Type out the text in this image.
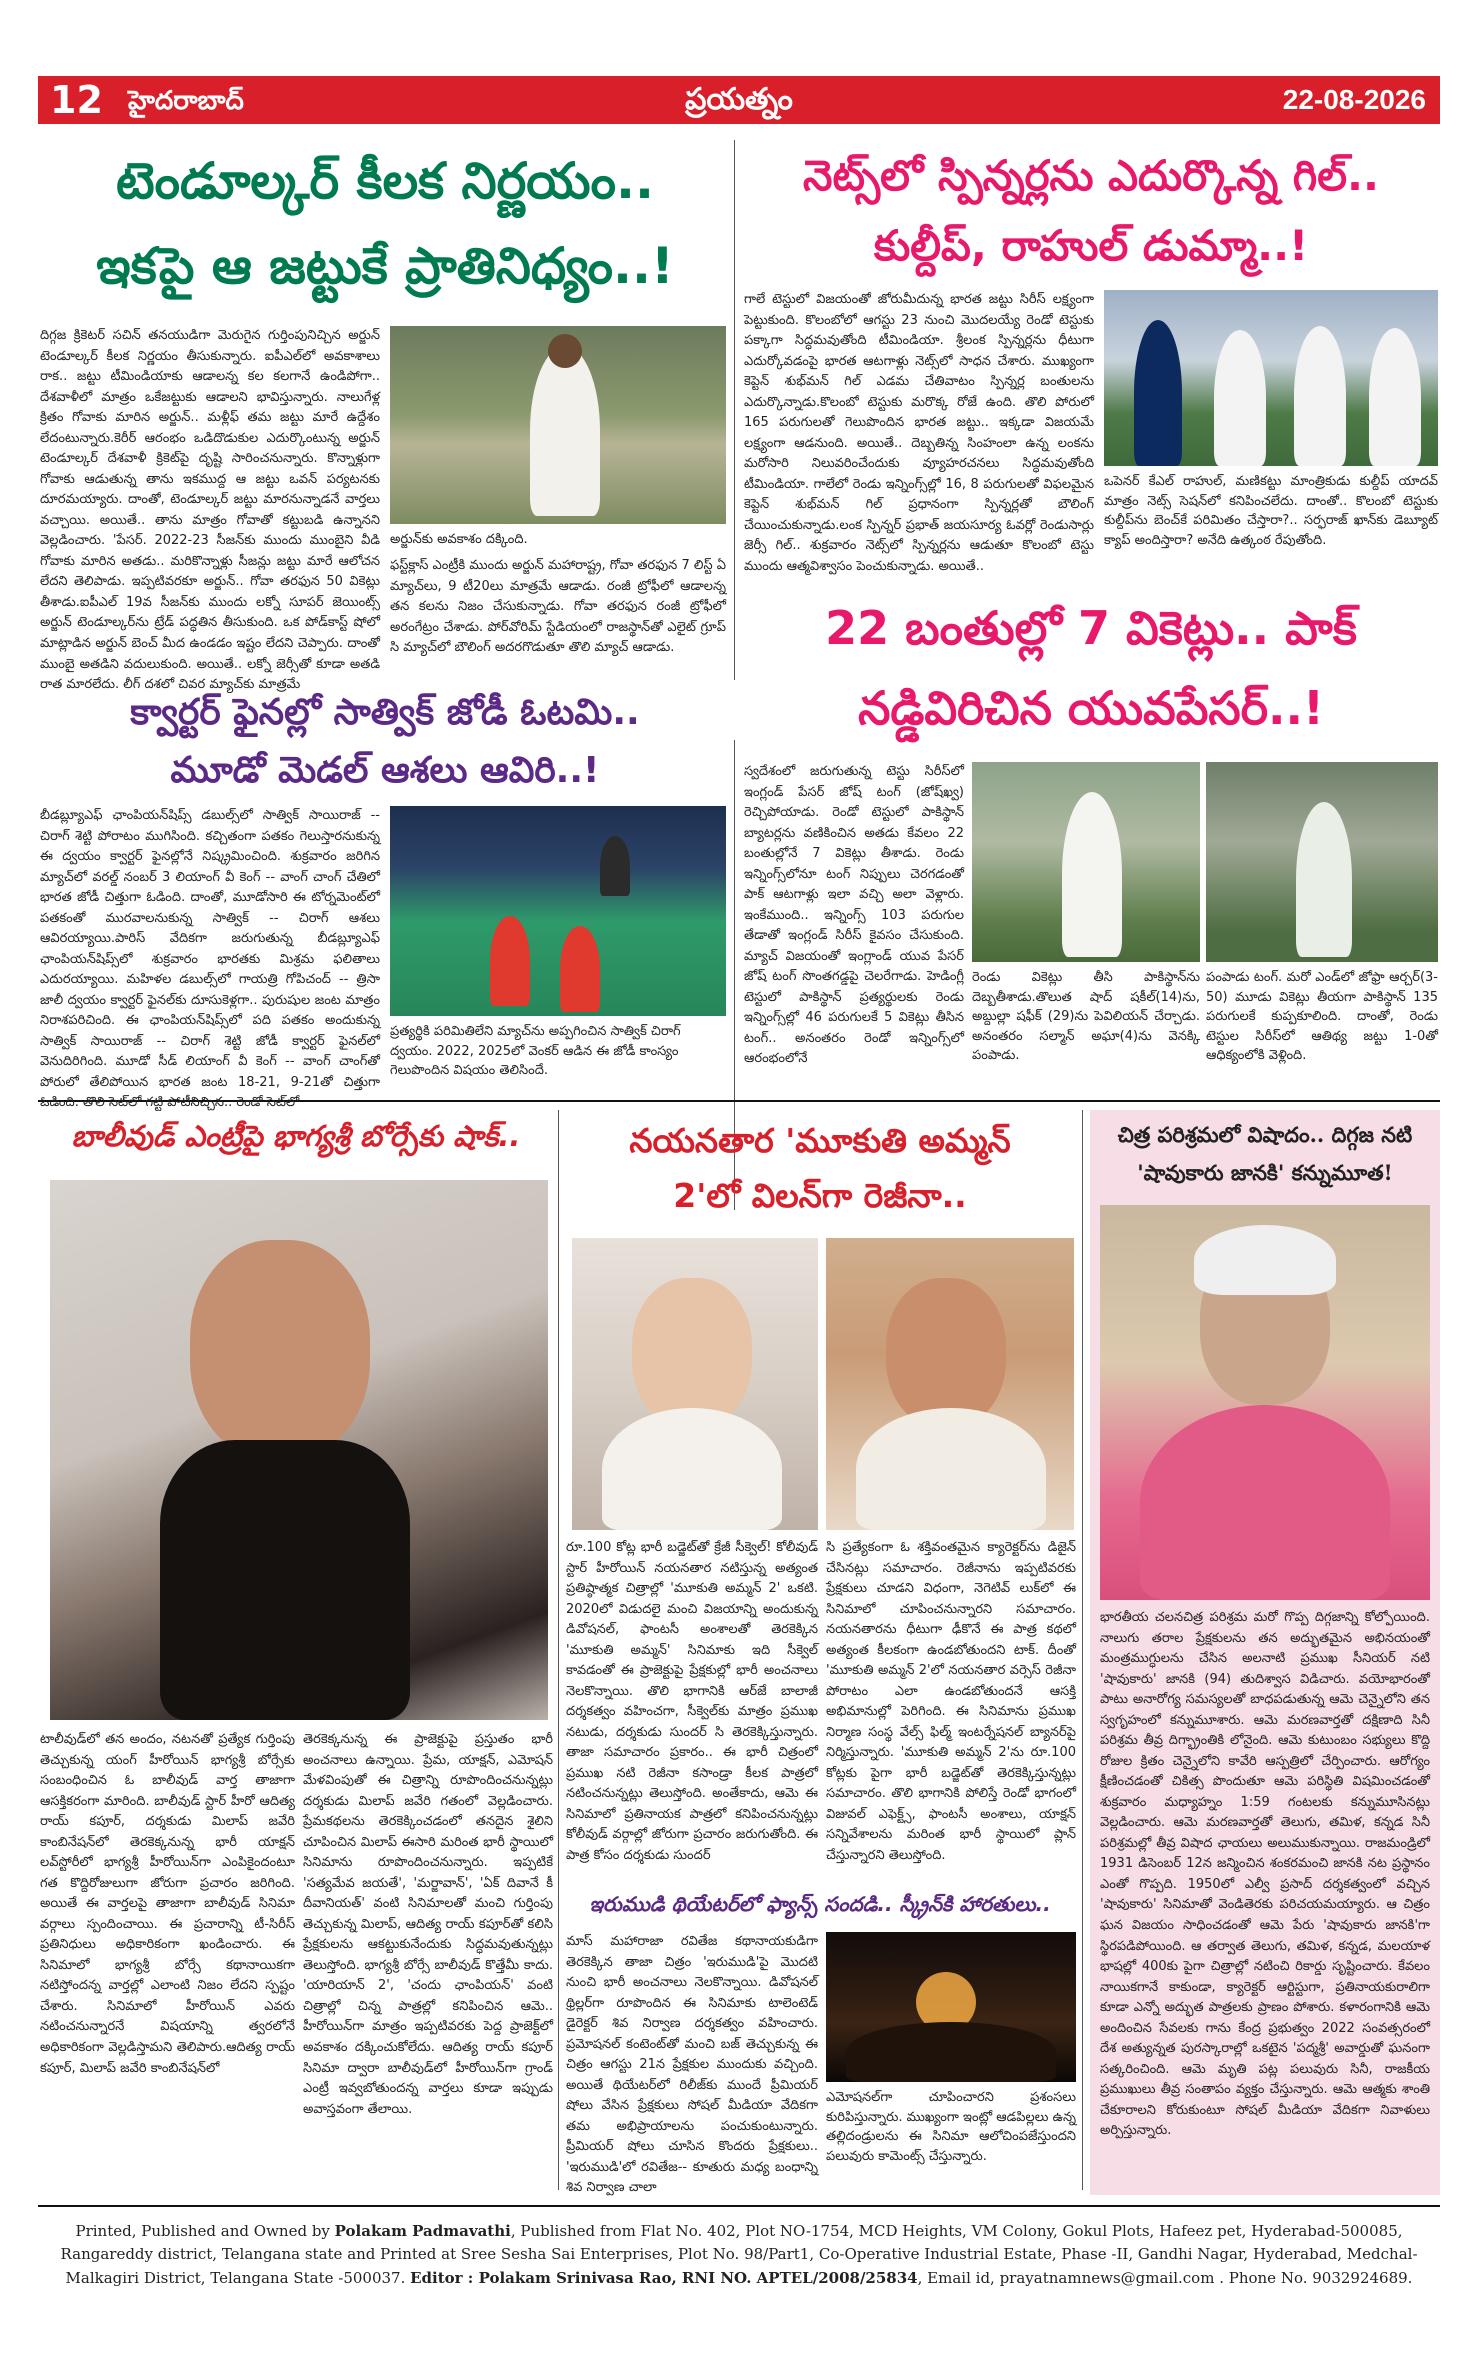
12 హైదరాబాద్	ప్రయత్నం	22-08-2026
టెండూల్కర్ కీలక నిర్ణయం..
ఇకపై ఆ జట్టుకే ప్రాతినిధ్యం..!
దిగ్గజ క్రికెటర్ సచిన్ తనయుడిగా మెరుగైన గుర్తింపునిచ్చిన అర్జున్ టెండూల్కర్ కీలక నిర్ణయం తీసుకున్నారు. ఐపీఎల్‌లో అవకాశాలు రాక.. జట్టు టీమిండియాకు ఆడాలన్న కల కలగానే ఉండిపోగా.. దేశవాళీలో మాత్రం ఒకేజట్టుకు ఆడాలని భావిస్తున్నారు. నాలుగేళ్ల క్రితం గోవాకు మారిన అర్జున్.. మళ్లీఫ్ తమ జట్టు మారే ఉద్దేశం లేదంటున్నారు.కెరీర్ ఆరంభం ఒడిదొడుకుల ఎదుర్కొంటున్న అర్జున్ టెండూల్కర్ దేశవాళీ క్రికెట్‌పై దృష్టి సారించనున్నారు. కొన్నాళ్లుగా గోవాకు ఆడుతున్న తాను ఇకముద్ద ఆ జట్టు ఒవన్ పర్యటనకు దూరమయ్యారు. దాంతో, టెండూల్కర్ జట్టు మారనున్నాడనే వార్తలు వచ్చాయి. అయితే.. తాను మాత్రం గోవాతో కట్టుబడి ఉన్నానని వెల్లడించారు. 'పేసర్. 2022-23 సీజన్‌కు ముందు ముంబైని వీడి గోవాకు మారిన అతడు.. మరికొన్నాళ్లు సీజన్లు జట్టు మారే ఆలోచన లేదని తెలిపాడు. ఇప్పటివరకూ అర్జున్.. గోవా తరఫున 50 వికెట్లు తీశాడు.ఐపీఎల్ 19వ సీజన్‌కు ముందు లక్నో సూపర్ జెయింట్స్ అర్జున్ టెండూల్కర్‌ను ట్రేడ్ పద్ధతిన తీసుకుంది. ఒక పోడ్‌కాస్ట్ షోలో మాట్లాడిన అర్జున్ బెంచ్ మీద ఉండడం ఇష్టం లేదని చెప్పారు. దాంతో ముంబై అతడిని వదులుకుంది. అయితే.. లక్నో జెర్సీతో కూడా అతడి రాత మారలేదు. లీగ్ దశలో చివర మ్యాచ్‌కు మాత్రమే
అర్జున్‌కు అవకాశం దక్కింది.
ఫస్ట్‌క్లాస్ ఎంట్రీకి ముందు అర్జున్ మహారాష్ట్ర, గోవా తరఫున 7 లిస్ట్ ఏ మ్యాచ్‌లు, 9 టీ20లు మాత్రమే ఆడాడు. రంజీ ట్రోఫీలో ఆడాలన్న తన కలను నిజం చేసుకున్నాడు. గోవా తరఫున రంజీ ట్రోఫీలో అరంగేట్రం చేశాడు. పోర్‌వోరిమ్ స్టేడియంలో రాజస్థాన్‌తో ఎలైట్ గ్రూప్ సి మ్యాచ్‌లో బౌలింగ్ అదరగొడుతూ తొలి మ్యాచ్ ఆడాడు.
నెట్స్‌లో స్పిన్నర్లను ఎదుర్కొన్న గిల్..
కుల్దీప్, రాహుల్ డుమ్మా..!
గాలే టెస్టులో విజయంతో జోరుమీదున్న భారత జట్టు సిరీస్ లక్ష్యంగా పెట్టుకుంది. కొలంబోలో ఆగస్టు 23 నుంచి మొదలయ్యే రెండో టెస్టుకు పక్కాగా సిద్ధమవుతోంది టీమిండియా. శ్రీలంక స్పిన్నర్లను ధీటుగా ఎదుర్కోవడంపై భారత ఆటగాళ్లు నెట్స్‌లో సాధన చేశారు. ముఖ్యంగా కెప్టెన్ శుభ్‌మన్ గిల్ ఎడమ చేతివాటం స్పిన్నర్ల బంతులను ఎదుర్కొన్నాడు.కొలంబో టెస్టుకు మరొక్క రోజే ఉంది. తొలి పోరులో 165 పరుగులతో గెలుపొందిన భారత జట్టు.. ఇక్కడా విజయమే లక్ష్యంగా ఆడనుంది. అయితే.. దెబ్బతిన్న సింహంలా ఉన్న లంకను మరోసారి నిలువరించేందుకు వ్యూహరచనలు సిద్ధమవుతోంది టీమిండియా. గాలేలో రెండు ఇన్నింగ్స్‌ల్లో 16, 8 పరుగులతో విఫలమైన కెప్టెన్ శుభ్‌మన్ గిల్ ప్రధానంగా స్పిన్నర్లతో బౌలింగ్ చేయించుకున్నాడు.లంక స్పిన్నర్ ప్రభాత్ జయసూర్య ఓవర్లో రెండుసార్లు జెర్సీ గిల్.. శుక్రవారం నెట్స్‌లో స్పిన్నర్లను ఆడుతూ కొలంబో టెస్టు ముందు ఆత్మవిశ్వాసం పెంచుకున్నాడు. అయితే..
ఒపెనర్ కేఎల్ రాహుల్, మణికట్టు మాంత్రికుడు కుల్దీప్ యాదవ్ మాత్రం నెట్స్ సెషన్‌లో కనిపించలేదు. దాంతో.. కొలంబో టెస్టుకు కుల్దీప్‌ను బెంచ్‌కే పరిమితం చేస్తారా?.. సర్ఫరాజ్ ఖాన్‌కు డెబ్యూట్ క్యాప్ అందిస్తారా? అనేది ఉత్కంఠ రేపుతోంది.
22 బంతుల్లో 7 వికెట్లు.. పాక్
నడ్డివిరిచిన యువపేసర్..!
స్వదేశంలో జరుగుతున్న టెస్టు సిరీస్‌లో ఇంగ్లండ్ పేసర్ జోష్ టంగ్ (జోష్‌ఖ్వ) రెచ్చిపోయాడు. రెండో టెస్టులో పాకిస్థాన్ బ్యాటర్లను వణికించిన అతడు కేవలం 22 బంతుల్లోనే 7 వికెట్లు తీశాడు. రెండు ఇన్నింగ్స్‌లోనూ టంగ్ నిప్పులు చెరగడంతో పాక్ ఆటగాళ్లు ఇలా వచ్చి అలా వెళ్లారు. ఇంకేముంది.. ఇన్నింగ్స్ 103 పరుగుల తేడాతో ఇంగ్లండ్ సిరీస్ కైవసం చేసుకుంది. మ్యాచ్ విజయంతో ఇంగ్లాండ్ యువ పేసర్ జోష్ టంగ్ సొంతగడ్డపై చెలరేగాడు. హెడింగ్లీ టెస్టులో పాకిస్థాన్ ప్రత్యర్థులకు రెండు ఇన్నింగ్స్‌ల్లో 46 పరుగులకే 5 వికెట్లు తీసిన టంగ్.. అనంతరం రెండో ఇన్నింగ్స్‌లో ఆరంభంలోనే
రెండు వికెట్లు తీసి పాకిస్థాన్‌ను దెబ్బతీశాడు.తొలుత షాద్ షకీల్(14)ను, అబ్దుల్లా షఫీక్ (29)ను పెవిలియన్ చేర్చాడు. అనంతరం సల్మాన్ అఘా(4)ను వెనక్కి పంపాడు.
పంపాడు టంగ్. మరో ఎండ్‌లో జోఫ్రా ఆర్చర్(3-50) మూడు వికెట్లు తీయగా పాకిస్థాన్ 135 పరుగులకే కుప్పకూలింది. దాంతో, రెండు టెస్టుల సిరీస్‌లో ఆతిథ్య జట్టు 1-0తో ఆధిక్యంలోకి వెళ్లింది.
క్వార్టర్ ఫైనల్లో సాత్విక్ జోడీ ఓటమి..
మూడో మెడల్ ఆశలు ఆవిరి..!
బీడబ్ల్యూఎఫ్ ఛాంపియన్‌షిప్స్ డబుల్స్‌లో సాత్విక్ సాయిరాజ్ -- చిరాగ్ శెట్టి పోరాటం ముగిసింది. కచ్చితంగా పతకం గెలుస్తారనుకున్న ఈ ద్వయం క్వార్టర్ ఫైనల్లోనే నిష్క్రమించింది. శుక్రవారం జరిగిన మ్యాచ్‌లో వరల్డ్ నంబర్ 3 లియాంగ్ వీ కెంగ్ -- వాంగ్ చాంగ్ చేతిలో భారత జోడీ చిత్తుగా ఓడింది. దాంతో, మూడోసారి ఈ టోర్నమెంట్‌లో పతకంతో మురవాలనుకున్న సాత్విక్ -- చిరాగ్ ఆశలు ఆవిరయ్యాయి.పారిస్ వేదికగా జరుగుతున్న బీడబ్ల్యూఎఫ్ ఛాంపియన్‌షిప్స్‌లో శుక్రవారం భారతకు మిశ్రమ ఫలితాలు ఎదురయ్యాయి. మహిళల డబుల్స్‌లో గాయత్రి గోపిచంద్ -- త్రిసా జాలీ ద్వయం క్వార్టర్ ఫైనల్‌కు దూసుకెళ్లగా.. పురుషుల జంట మాత్రం నిరాశపరిచింది. ఈ ఛాంపియన్‌షిప్స్‌లో పది పతకం అందుకున్న సాత్విక్ సాయిరాజ్ -- చిరాగ్ శెట్టి జోడీ క్వార్టర్ ఫైనల్‌లో వెనుదిరిగింది. మూడో సీడ్ లియాంగ్ వీ కెంగ్ -- వాంగ్ చాంగ్‌తో పోరులో తేలిపోయిన భారత జంట 18-21, 9-21తో చిత్తుగా ఓడింది. తొలి సెట్‌లో గట్టి పోటీనిచ్చిన.. రెండో సెట్‌లో
ప్రత్యర్థికి పరిమితిలేని మ్యాచ్‌ను అప్పగించిన సాత్విక్ చిరాగ్ ద్వయం. 2022, 2025లో వెంకర్ ఆడిన ఈ జోడీ కాంస్యం గెలుపొందిన విషయం తెలిసిందే.
బాలీవుడ్ ఎంట్రీపై భాగ్యశ్రీ బోర్సేకు షాక్..
టాలీవుడ్‌లో తన అందం, నటనతో ప్రత్యేక గుర్తింపు తెచ్చుకున్న యంగ్ హీరోయిన్ భాగ్యశ్రీ బోర్సేకు సంబంధించిన ఓ బాలీవుడ్ వార్త తాజాగా ఆసక్తికరంగా మారింది. బాలీవుడ్ స్టార్ హీరో ఆదిత్య రాయ్ కపూర్, దర్శకుడు మిలాప్ జవేరి కాంబినేషన్‌లో తెరకెక్కనున్న భారీ యాక్షన్ లవ్‌స్టోరీలో భాగ్యశ్రీ హీరోయిన్‌గా ఎంపికైందంటూ గత కొద్దిరోజులుగా జోరుగా ప్రచారం జరిగింది. అయితే ఈ వార్తలపై తాజాగా బాలీవుడ్ సినిమా వర్గాలు స్పందించాయి. ఈ ప్రచారాన్ని టీ-సిరీస్ ప్రతినిధులు అధికారికంగా ఖండించారు. ఈ సినిమాలో భాగ్యశ్రీ బోర్సే కథానాయికగా నటిస్తోందన్న వార్తల్లో ఎలాంటి నిజం లేదని స్పష్టం చేశారు. సినిమాలో హీరోయిన్ ఎవరు నటించనున్నారనే విషయాన్ని త్వరలోనే అధికారికంగా వెల్లడిస్తామని తెలిపారు.ఆదిత్య రాయ్ కపూర్, మిలాప్ జవేరి కాంబినేషన్‌లో
తెరకెక్కనున్న ఈ ప్రాజెక్టుపై ప్రస్తుతం భారీ అంచనాలు ఉన్నాయి. ప్రేమ, యాక్షన్, ఎమోషన్ మేళవింపుతో ఈ చిత్రాన్ని రూపొందించనున్నట్లు దర్శకుడు మిలాప్ జవేరి గతంలో వెల్లడించారు. ప్రేమకథలను తెరకెక్కించడంలో తనదైన శైలిని చూపించిన మిలాప్ ఈసారి మరింత భారీ స్థాయిలో సినిమాను రూపొందించనున్నారు. ఇప్పటికే 'సత్యమేవ జయతే', 'మర్జావాన్', 'ఏక్ దివానే కీ దీవానియత్' వంటి సినిమాలతో మంచి గుర్తింపు తెచ్చుకున్న మిలాప్, ఆదిత్య రాయ్ కపూర్‌తో కలిసి ప్రేక్షకులను ఆకట్టుకునేందుకు సిద్ధమవుతున్నట్లు తెలుస్తోంది. భాగ్యశ్రీ బోర్సే బాలీవుడ్ కొత్తేమీ కాదు. 'యారియాన్ 2', 'చందు ఛాంపియన్' వంటి చిత్రాల్లో చిన్న పాత్రల్లో కనిపించిన ఆమె.. హీరోయిన్‌గా మాత్రం ఇప్పటివరకు పెద్ద ప్రాజెక్ట్‌లో అవకాశం దక్కించుకోలేదు. ఆదిత్య రాయ్ కపూర్ సినిమా ద్వారా బాలీవుడ్‌లో హీరోయిన్‌గా గ్రాండ్ ఎంట్రీ ఇవ్వబోతుందన్న వార్తలు కూడా ఇప్పుడు అవాస్తవంగా తేలాయి.
నయనతార 'మూకుతి అమ్మన్
2'లో విలన్‌గా రెజీనా..
రూ.100 కోట్ల భారీ బడ్జెట్‌తో క్రేజీ సీక్వెల్! కోలీవుడ్ స్టార్ హీరోయిన్ నయనతార నటిస్తున్న అత్యంత ప్రతిష్ఠాత్మక చిత్రాల్లో 'మూకుతి అమ్మన్ 2' ఒకటి. 2020లో విడుదలై మంచి విజయాన్ని అందుకున్న డివోషనల్, ఫాంటసీ అంశాలతో తెరకెక్కిన 'మూకుతి అమ్మన్' సినిమాకు ఇది సీక్వెల్ కావడంతో ఈ ప్రాజెక్టుపై ప్రేక్షకుల్లో భారీ అంచనాలు నెలకొన్నాయి. తొలి భాగానికి ఆర్‌జే బాలాజీ దర్శకత్వం వహించగా, సీక్వెల్‌కు మాత్రం ప్రముఖ నటుడు, దర్శకుడు సుందర్ సి తెరకెక్కిస్తున్నారు. తాజా సమాచారం ప్రకారం.. ఈ భారీ చిత్రంలో ప్రముఖ నటి రెజీనా కసాండ్రా కీలక పాత్రలో నటించనున్నట్లు తెలుస్తోంది. అంతేకాదు, ఆమె ఈ సినిమాలో ప్రతినాయక పాత్రలో కనిపించనున్నట్లు కోలీవుడ్ వర్గాల్లో జోరుగా ప్రచారం జరుగుతోంది. ఈ పాత్ర కోసం దర్శకుడు సుందర్
సి ప్రత్యేకంగా ఓ శక్తివంతమైన క్యారెక్టర్‌ను డిజైన్ చేసినట్లు సమాచారం. రెజీనాను ఇప్పటివరకు ప్రేక్షకులు చూడని విధంగా, నెగెటివ్ లుక్‌లో ఈ సినిమాలో చూపించనున్నారని సమాచారం. నయనతారను ధీటుగా ఢీకొనే ఈ పాత్ర కథలో అత్యంత కీలకంగా ఉండబోతుందని టాక్. దీంతో 'మూకుతి అమ్మన్ 2'లో నయనతార వర్సెస్ రెజీనా పోరాటం ఎలా ఉండబోతుందనే ఆసక్తి అభిమానుల్లో పెరిగింది. ఈ సినిమాను ప్రముఖ నిర్మాణ సంస్థ వేల్స్ ఫిల్మ్ ఇంటర్నేషనల్ బ్యానర్‌పై నిర్మిస్తున్నారు. 'మూకుతి అమ్మన్ 2'ను రూ.100 కోట్లకు పైగా భారీ బడ్జెట్‌తో తెరకెక్కిస్తున్నట్లు సమాచారం. తొలి భాగానికి పోలిస్తే రెండో భాగంలో విజువల్ ఎఫెక్ట్స్, ఫాంటసీ అంశాలు, యాక్షన్ సన్నివేశాలను మరింత భారీ స్థాయిలో ప్లాన్ చేస్తున్నారని తెలుస్తోంది.
ఇరుముడి థియేటర్‌లో ఫ్యాన్స్ సందడి.. స్క్రీన్‌కి హారతులు..
మాస్ మహారాజా రవితేజ కథానాయకుడిగా తెరకెక్కిన తాజా చిత్రం 'ఇరుముడి'పై మొదటి నుంచి భారీ అంచనాలు నెలకొన్నాయి. డివోషనల్ థ్రిల్లర్‌గా రూపొందిన ఈ సినిమాకు టాలెంటెడ్ డైరెక్టర్ శివ నిర్వాణ దర్శకత్వం వహించారు. ప్రమోషనల్ కంటెంట్‌తో మంచి బజ్ తెచ్చుకున్న ఈ చిత్రం ఆగస్టు 21న ప్రేక్షకుల ముందుకు వచ్చింది. అయితే థియేటర్‌లో రిలీజ్‌కు ముందే ప్రీమియర్ షోలు వేసిన ప్రేక్షకులు సోషల్ మీడియా వేదికగా తమ అభిప్రాయాలను పంచుకుంటున్నారు. ప్రీమియర్ షోలు చూసిన కొందరు ప్రేక్షకులు.. 'ఇరుముడి'లో రవితేజ-- కూతురు మధ్య బంధాన్ని శివ నిర్వాణ చాలా
ఎమోషనల్‌గా చూపించారని ప్రశంసలు కురిపిస్తున్నారు. ముఖ్యంగా ఇంట్లో ఆడపిల్లలు ఉన్న తల్లిదండ్రులను ఈ సినిమా ఆలోచింపజేస్తుందని పలువురు కామెంట్స్ చేస్తున్నారు.
చిత్ర పరిశ్రమలో విషాదం.. దిగ్గజ నటి
'షావుకారు జానకి' కన్నుమూత!
భారతీయ చలనచిత్ర పరిశ్రమ మరో గొప్ప దిగ్గజాన్ని కోల్పోయింది. నాలుగు తరాల ప్రేక్షకులను తన అద్భుతమైన అభినయంతో మంత్రముగ్ధులను చేసిన అలనాటి ప్రముఖ సీనియర్ నటి 'షావుకారు' జానకి (94) తుదిశ్వాస విడిచారు. వయోభారంతో పాటు అనారోగ్య సమస్యలతో బాధపడుతున్న ఆమె చెన్నైలోని తన స్వగృహంలో కన్నుమూశారు. ఆమె మరణవార్తతో దక్షిణాది సినీ పరిశ్రమ తీవ్ర దిగ్భ్రాంతికి లోనైంది. ఆమె కుటుంబం సభ్యులు కొద్ది రోజుల క్రితం చెన్నైలోని కావేరి ఆస్పత్రిలో చేర్పించారు. ఆరోగ్యం క్షీణించడంతో చికిత్స పొందుతూ ఆమె పరిస్థితి విషమించడంతో శుక్రవారం మధ్యాహ్నం 1:59 గంటలకు కన్నుమూసినట్లు వెల్లడించారు. ఆమె మరణవార్తతో తెలుగు, తమిళ, కన్నడ సినీ పరిశ్రమల్లో తీవ్ర విషాద ఛాయలు అలుముకున్నాయి. రాజమండ్రిలో 1931 డిసెంబర్ 12న జన్మించిన శంకరమంచి జానకి నట ప్రస్థానం ఎంతో గొప్పది. 1950లో ఎల్వీ ప్రసాద్ దర్శకత్వంలో వచ్చిన 'షావుకారు' సినిమాతో వెండితెరకు పరిచయమయ్యారు. ఆ చిత్రం ఘన విజయం సాధించడంతో ఆమె పేరు 'షావుకారు జానకి'గా స్థిరపడిపోయింది. ఆ తర్వాత తెలుగు, తమిళ, కన్నడ, మలయాళ భాషల్లో 400కు పైగా చిత్రాల్లో నటించి రికార్డు సృష్టించారు. కేవలం నాయికగానే కాకుండా, క్యారెక్టర్ ఆర్టిస్టుగా, ప్రతినాయకురాలిగా కూడా ఎన్నో అద్భుత పాత్రలకు ప్రాణం పోశారు. కళారంగానికి ఆమె అందించిన సేవలకు గాను కేంద్ర ప్రభుత్వం 2022 సంవత్సరంలో దేశ అత్యున్నత పురస్కారాల్లో ఒకటైన 'పద్మశ్రీ' అవార్డుతో ఘనంగా సత్కరించింది. ఆమె మృతి పట్ల పలువురు సినీ, రాజకీయ ప్రముఖులు తీవ్ర సంతాపం వ్యక్తం చేస్తున్నారు. ఆమె ఆత్మకు శాంతి చేకూరాలని కోరుకుంటూ సోషల్ మీడియా వేదికగా నివాళులు అర్పిస్తున్నారు.
Printed, Published and Owned by Polakam Padmavathi, Published from Flat No. 402, Plot NO-1754, MCD Heights, VM Colony, Gokul Plots, Hafeez pet, Hyderabad-500085, Rangareddy district, Telangana state and Printed at Sree Sesha Sai Enterprises, Plot No. 98/Part1, Co-Operative Industrial Estate, Phase -II, Gandhi Nagar, Hyderabad, Medchal-Malkagiri District, Telangana State -500037. Editor : Polakam Srinivasa Rao, RNI NO. APTEL/2008/25834, Email id, prayatnamnews@gmail.com . Phone No. 9032924689.
